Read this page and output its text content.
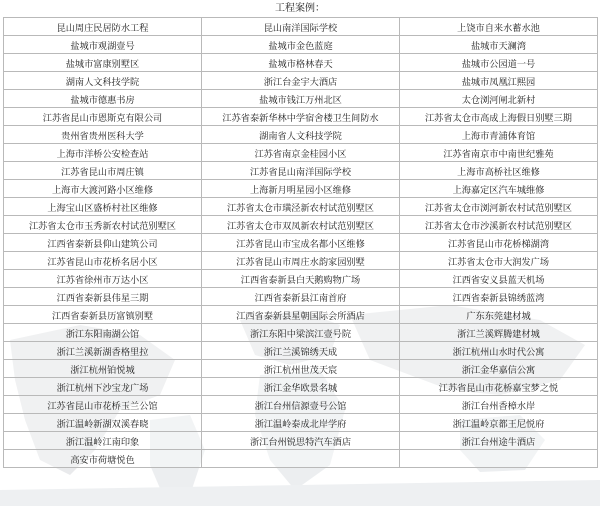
工程案例：
昆山周庄民居防水工程	昆山南洋国际学校	上饶市自来水蓄水池
盐城市观湖壹号	盐城市金色蓝庭	盐城市天澜湾
盐城市富康别墅区	盐城市格林春天	盐城市公园道一号
湖南人文科技学院	浙江台金宇大酒店	盐城市凤凰江熙园
盐城市德惠书房	盐城市钱江万州北区	太仓浏河闸北新村
江苏省昆山市恩斯克有限公司	江苏省泰新华林中学宿舍楼卫生间防水	江苏省太仓市高成上海假日别墅三期
贵州省贵州医科大学	湖南省人文科技学院	上海市青浦体育馆
上海市洋桥公安检查站	江苏省南京金桂园小区	江苏省南京市中南世纪雅苑
江苏省昆山市周庄镇	江苏省昆山南洋国际学校	上海市高桥社区维修
上海市大渡河路小区维修	上海新月明星园小区维修	上海嘉定区汽车城维修
上海宝山区盛桥村社区维修	江苏省太仓市璜泾新农村试范别墅区	江苏省太仓市浏河新农村试范别墅区
江苏省太仓市玉秀新农村试范别墅区	江苏省太仓市双凤新农村试范别墅区	江苏省太仓市沙溪新农村试范别墅区
江西省泰新县仰山建筑公司	江苏省昆山市宝成名都小区维修	江苏省昆山市花桥梯湖湾
江苏省昆山市花桥名居小区	江苏省昆山市周庄水韵家园别墅	江苏省太仓市大润发广场
江苏省徐州市万达小区	江西省泰新县白天鹅购物广场	江西省安义县蓝天机场
江西省泰新县伟星三期	江西省泰新县江南首府	江西省泰新县锦绣蓝湾
江西省泰新县历富镇别墅	江西省泰新县星朝国际会所酒店	广东东莞建材城
浙江东阳南湖公馆	浙江东阳中梁滨江壹号院	浙江兰溪辉腾建材城
浙江兰溪新湖香格里拉	浙江兰溪锦绣天成	浙江杭州山水时代公寓
浙江杭州铂悦城	浙江杭州世茂天宸	浙江金华嘉信公寓
浙江杭州下沙宝龙广场	浙江金华欧景名城	江苏省昆山市花桥嘉宝梦之悦
江苏省昆山市花桥玉兰公馆	浙江台州信源壹号公馆	浙江台州香樟水岸
浙江温岭新湖双溪春晓	浙江温岭泰成北岸学府	浙江温岭京都王尼悦府
浙江温岭江南印象	浙江台州锐思特汽车酒店	浙江台州途牛酒店
高安市荷塘悦色		
